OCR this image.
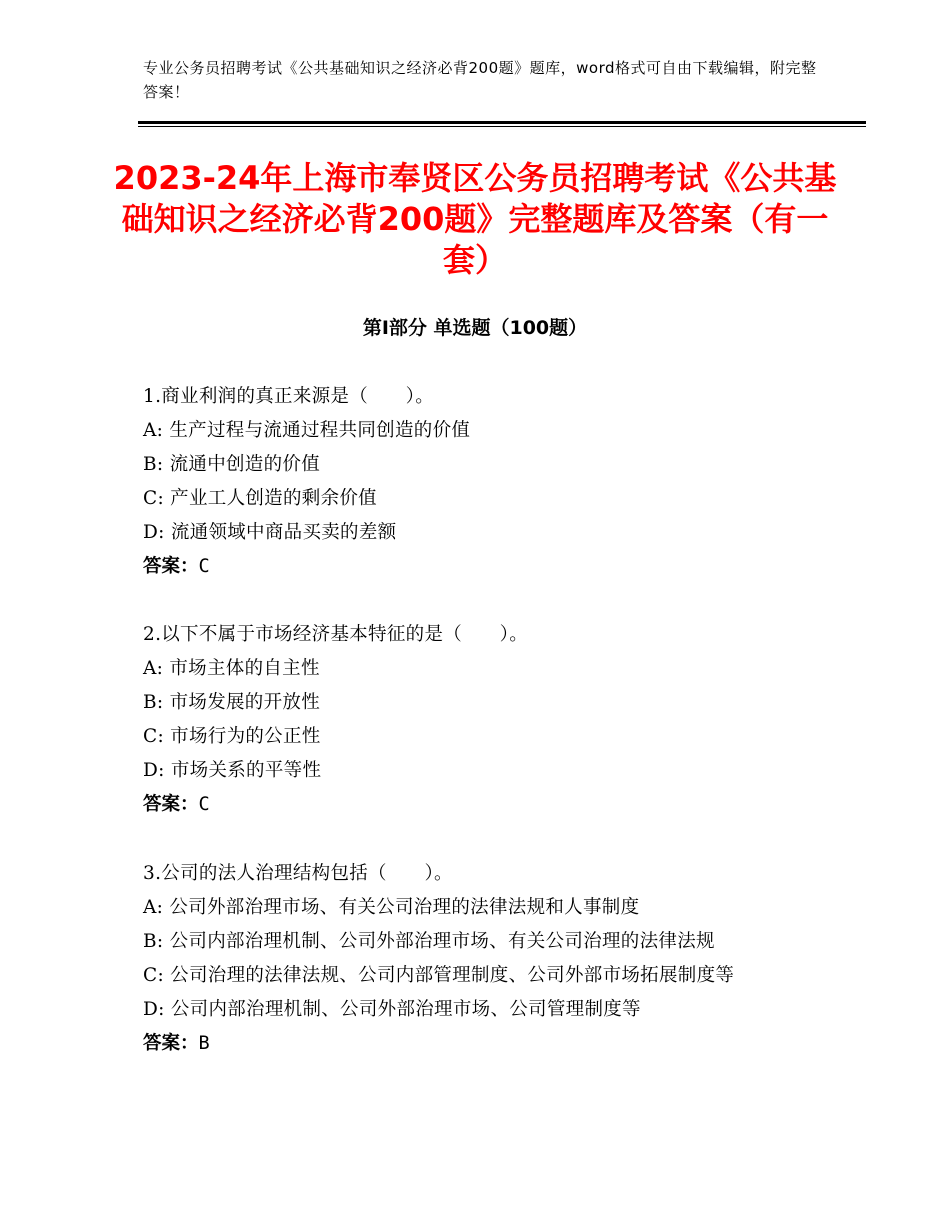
专业公务员招聘考试《公共基础知识之经济必背200题》题库，word格式可自由下载编辑，附完整答案！
2023-24年上海市奉贤区公务员招聘考试《公共基础知识之经济必背200题》完整题库及答案（有一套）
第Ⅰ部分 单选题（100题）
1.商业利润的真正来源是（　　）。
A: 生产过程与流通过程共同创造的价值
B: 流通中创造的价值
C: 产业工人创造的剩余价值
D: 流通领域中商品买卖的差额
答案：C
2.以下不属于市场经济基本特征的是（　　）。
A: 市场主体的自主性
B: 市场发展的开放性
C: 市场行为的公正性
D: 市场关系的平等性
答案：C
3.公司的法人治理结构包括（　　）。
A: 公司外部治理市场、有关公司治理的法律法规和人事制度
B: 公司内部治理机制、公司外部治理市场、有关公司治理的法律法规
C: 公司治理的法律法规、公司内部管理制度、公司外部市场拓展制度等
D: 公司内部治理机制、公司外部治理市场、公司管理制度等
答案：B
